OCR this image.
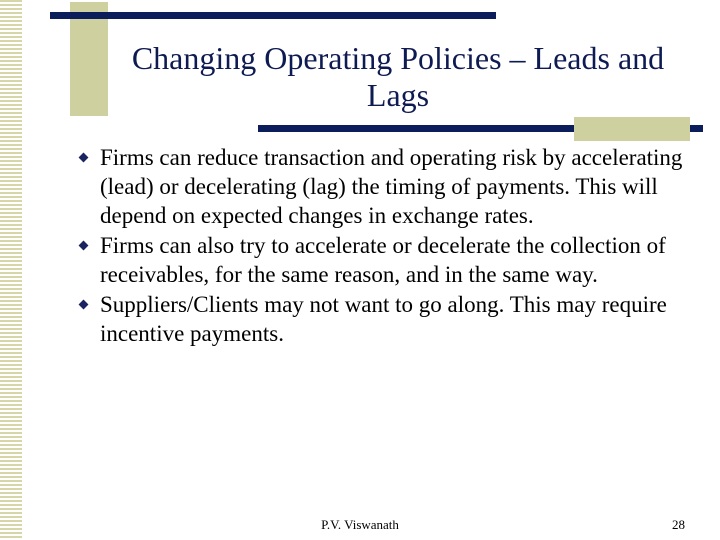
Changing Operating Policies – Leads and Lags
Firms can reduce transaction and operating risk by accelerating (lead) or decelerating (lag) the timing of payments. This will depend on expected changes in exchange rates.
Firms can also try to accelerate or decelerate the collection of receivables, for the same reason, and in the same way.
Suppliers/Clients may not want to go along. This may require incentive payments.
P.V. Viswanath	28
